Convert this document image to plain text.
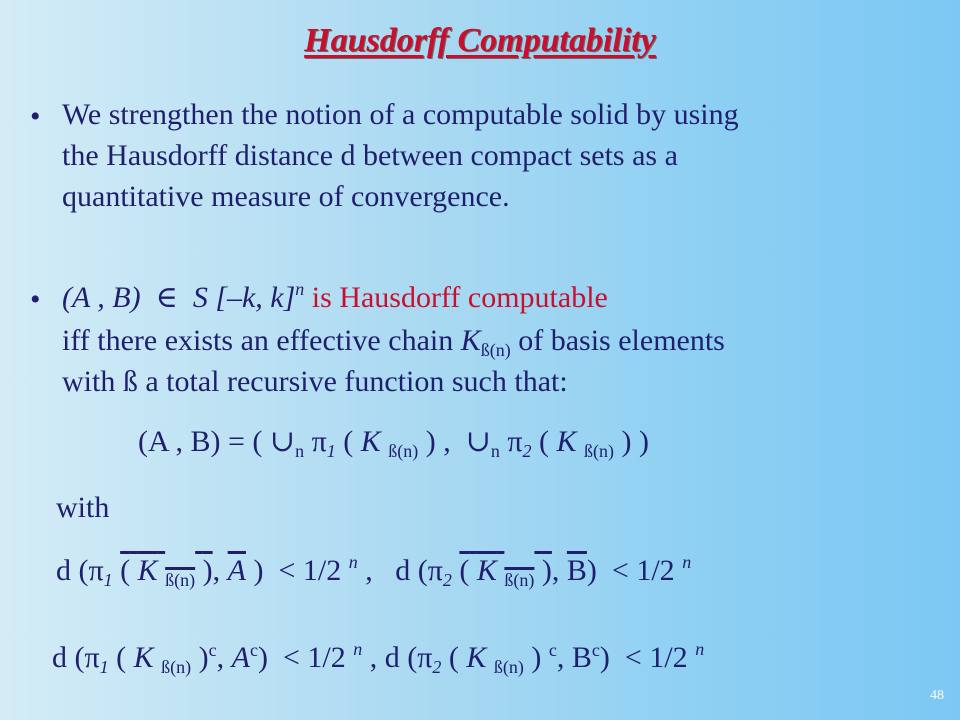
Hausdorff Computability
• We strengthen the notion of a computable solid by using
the Hausdorff distance d between compact sets as a
quantitative measure of convergence.
• (A , B) ∈ S [–k, k]$^n$ is Hausdorff computable
iff there exists an effective chain $K_{ß(n)}$ of basis elements
with ß a total recursive function such that:
(A , B) = ( $\cup_n$ $\pi_1$ ( K $_{ß(n)}$ ) , $\cup_n$ $\pi_2$ ( K $_{ß(n)}$ ) )
with
d ($\pi_1$ ( K $_{ß(n)}$ ), $\overline{A}$ ) < 1/2 $^n$ , d ($\pi_2$ ( K $_{ß(n)}$ ), $\overline{B}) < 1/2$ $^n$
d ($\pi_1$ ( K $_{ß(n)}$ )$^c$, $A^c) < 1/2$ $^n$ , d ($\pi_2$ ( K $_{ß(n)}$ ) $^c$, $B^c) < 1/2$ $^n$
48
